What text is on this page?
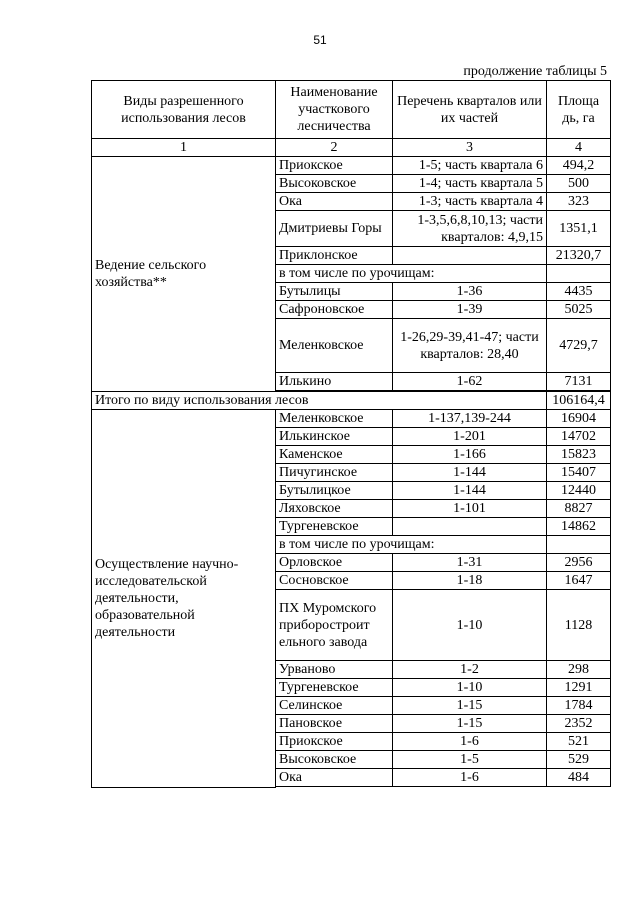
51
продолжение таблицы 5
Виды разрешенного использования лесов	Наименование участкового лесничества	Перечень кварталов или их частей	Площа дь, га
1	2	3	4
Ведение сельского хозяйства**	Приокское	1-5; часть квартала 6	494,2
	Высоковское	1-4; часть квартала 5	500
	Ока	1-3; часть квартала 4	323
	Дмитриевы Горы	1-3,5,6,8,10,13; части кварталов: 4,9,15	1351,1
	Приклонское		21320,7
	в том числе по урочищам:		
	Бутылицы	1-36	4435
	Сафроновское	1-39	5025
	Меленковское	1-26,29-39,41-47; части кварталов: 28,40	4729,7
	Илькино	1-62	7131

Итого по виду использования лесов			106164,4
Осуществление научно-исследовательской деятельности, образовательной деятельности	Меленковское	1-137,139-244	16904
	Илькинское	1-201	14702
	Каменское	1-166	15823
	Пичугинское	1-144	15407
	Бутылицкое	1-144	12440
	Ляховское	1-101	8827
	Тургеневское		14862
	в том числе по урочищам:		
	Орловское	1-31	2956
	Сосновское	1-18	1647
	ПХ Муромского приборостроит ельного завода	1-10	1128
	Урваново	1-2	298
	Тургеневское	1-10	1291
	Селинское	1-15	1784
	Пановское	1-15	2352
	Приокское	1-6	521
	Высоковское	1-5	529
	Ока	1-6	484
